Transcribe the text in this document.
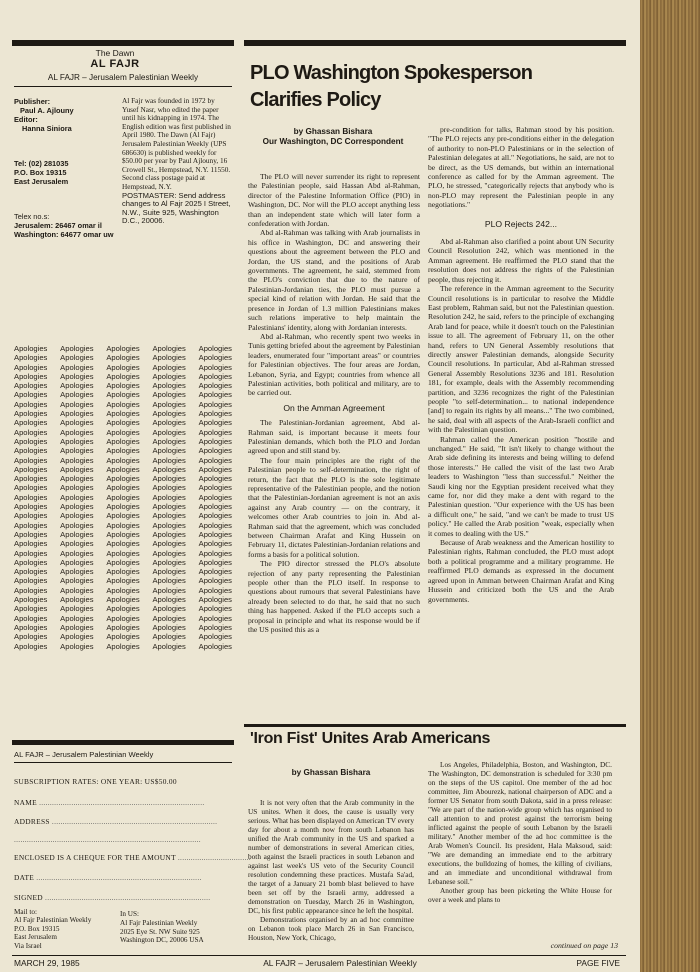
The Dawn
AL FAJR
AL FAJR – Jerusalem Palestinian Weekly
Publisher:
Paul A. Ajlouny
Editor:
Hanna Siniora
Tel: (02) 281035
P.O. Box 19315
East Jerusalem
Telex no.s:
Jerusalem: 26467 omar il
Washington: 64677 omar uw
Al Fajr was founded in 1972 by Yusef Nasr, who edited the paper until his kidnapping in 1974. The English edition was first published in April 1980. The Dawn (Al Fajr) Jerusalem Palestinian Weekly (UPS 686630) is published weekly for $50.00 per year by Paul Ajlouny, 16 Crowell St., Hempstead, N.Y. 11550. Second class postage paid at Hempstead, N.Y.
POSTMASTER: Send address changes to Al Fajr 2025 I Street, N.W., Suite 925, Washington D.C., 20006.
Apologies Apologies Apologies Apologies Apologies
Apologies Apologies Apologies Apologies Apologies
Apologies Apologies Apologies Apologies Apologies
Apologies Apologies Apologies Apologies Apologies
Apologies Apologies Apologies Apologies Apologies
Apologies Apologies Apologies Apologies Apologies
Apologies Apologies Apologies Apologies Apologies
Apologies Apologies Apologies Apologies Apologies
Apologies Apologies Apologies Apologies Apologies
Apologies Apologies Apologies Apologies Apologies
Apologies Apologies Apologies Apologies Apologies
Apologies Apologies Apologies Apologies Apologies
Apologies Apologies Apologies Apologies Apologies
Apologies Apologies Apologies Apologies Apologies
Apologies Apologies Apologies Apologies Apologies
Apologies Apologies Apologies Apologies Apologies
Apologies Apologies Apologies Apologies Apologies
Apologies Apologies Apologies Apologies Apologies
Apologies Apologies Apologies Apologies Apologies
Apologies Apologies Apologies Apologies Apologies
Apologies Apologies Apologies Apologies Apologies
Apologies Apologies Apologies Apologies Apologies
Apologies Apologies Apologies Apologies Apologies
Apologies Apologies Apologies Apologies Apologies
Apologies Apologies Apologies Apologies Apologies
Apologies Apologies Apologies Apologies Apologies
Apologies Apologies Apologies Apologies Apologies
Apologies Apologies Apologies Apologies Apologies
Apologies Apologies Apologies Apologies Apologies
Apologies Apologies Apologies Apologies Apologies
Apologies Apologies Apologies Apologies Apologies
Apologies Apologies Apologies Apologies Apologies
Apologies Apologies Apologies Apologies Apologies
PLO Washington Spokesperson Clarifies Policy
by Ghassan Bishara
Our Washington, DC Correspondent

The PLO will never surrender its right to represent the Palestinian people, said Hassan Abd al-Rahman, director of the Palestine Information Office (PIO) in Washington, DC. Nor will the PLO accept anything less than an independent state which will later form a confederation with Jordan.

Abd al-Rahman was talking with Arab journalists in his office in Washington, DC and answering their questions about the agreement between the PLO and Jordan, the US stand, and the positions of Arab governments. The agreement, he said, stemmed from the PLO's conviction that due to the nature of Palestinian-Jordanian ties, the PLO must pursue a special kind of relation with Jordan. He said that the presence in Jordan of 1.3 million Palestinians makes such relations imperative to help maintain the Palestinians' identity, along with Jordanian interests.

Abd al-Rahman, who recently spent two weeks in Tunis getting briefed about the agreement by Palestinian leaders, enumerated four "important areas" or countries for Palestinian objectives. The four areas are Jordan, Lebanon, Syria, and Egypt; countries from whence all Palestinian activities, both political and military, are to be carried out.

On the Amman Agreement

The Palestinian-Jordanian agreement, Abd al-Rahman said, is important because it meets four Palestinian demands, which both the PLO and Jordan agreed upon and still stand by.

The four main principles are the right of the Palestinian people to self-determination, the right of return, the fact that the PLO is the sole legitimate representative of the Palestinian people, and the notion that the Palestinian-Jordanian agreement is not an axis against any Arab country — on the contrary, it welcomes other Arab countries to join in. Abd al-Rahman said that the agreement, which was concluded between Chairman Arafat and King Hussein on February 11, dictates Palestinian-Jordanian relations and forms a basis for a political solution.

The PIO director stressed the PLO's absolute rejection of any party representing the Palestinian people other than the PLO itself. In response to questions about rumours that several Palestinians have already been selected to do that, he said that no such thing has happened. Asked if the PLO accepts such a proposal in principle and what its response would be if the US posited this as a

pre-condition for talks, Rahman stood by his position. "The PLO rejects any pre-conditions either in the delegation of authority to non-PLO Palestinians or in the selection of Palestinian delegates at all." Negotiations, he said, are not to be direct, as the US demands, but within an international conference as called for by the Amman agreement. The PLO, he stressed, "categorically rejects that anybody who is non-PLO may represent the Palestinian people in any negotiations."

PLO Rejects 242...

Abd al-Rahman also clarified a point about UN Security Council Resolution 242, which was mentioned in the Amman agreement. He reaffirmed the PLO stand that the resolution does not address the rights of the Palestinian people, thus rejecting it.

The reference in the Amman agreement to the Security Council resolutions is in particular to resolve the Middle East problem, Rahman said, but not the Palestinian question. Resolution 242, he said, refers to the principle of exchanging Arab land for peace, while it doesn't touch on the Palestinian issue to all. The agreement of February 11, on the other hand, refers to UN General Assembly resolutions that directly answer Palestinian demands, alongside Security Council resolutions. In particular, Abd al-Rahman stressed General Assembly Resolutions 3236 and 181. Resolution 181, for example, deals with the Assembly recommending partition, and 3236 recognizes the right of the Palestinian people "to self-determination... to national independence [and] to regain its rights by all means..." The two combined, he said, deal with all aspects of the Arab-Israeli conflict and with the Palestinian question.

Rahman called the American position "hostile and unchanged." He said, "It isn't likely to change without the Arab side defining its interests and being willing to defend those interests." He called the visit of the last two Arab leaders to Washington "less than successful." Neither the Saudi king nor the Egyptian president received what they came for, nor did they make a dent with regard to the Palestinian question. "Our experience with the US has been a difficult one," he said, "and we can't be made to trust US policy." He called the Arab position "weak, especially when it comes to dealing with the US."

Because of Arab weakness and the American hostility to Palestinian rights, Rahman concluded, the PLO must adopt both a political programme and a military programme. He reaffirmed PLO demands as expressed in the document agreed upon in Amman between Chairman Arafat and King Hussein and criticized both the US and the Arab governments.

'Iron Fist' Unites Arab Americans
by Ghassan Bishara

It is not very often that the Arab community in the US unites. When it does, the cause is usually very serious. What has been displayed on American TV every day for about a month now from south Lebanon has unified the Arab community in the US and sparked a number of demonstrations in several American cities, both against the Israeli practices in south Lebanon and against last week's US veto of the Security Council resolution condemning these practices. Mustafa Sa'ad, the target of a January 21 bomb blast believed to have been set off by the Israeli army, addressed a demonstration on Tuesday, March 26 in Washington, DC, his first public appearance since he left the hospital.

Demonstrations organised by an ad hoc committee on Lebanon took place March 26 in San Francisco, Houston, New York, Chicago,

Los Angeles, Philadelphia, Boston, and Washington, DC. The Washington, DC demonstration is scheduled for 3:30 pm on the steps of the US capitol. One member of the ad hoc committee, Jim Abourezk, national chairperson of ADC and a former US Senator from south Dakota, said in a press release: "We are part of the nation-wide group which has organised to call attention to and protest against the terrorism being inflicted against the people of south Lebanon by the Israeli military." Another member of the ad hoc committee is the Arab Women's Council. Its president, Hala Maksoud, said: "We are demanding an immediate end to the arbitrary executions, the bulldozing of homes, the killing of civilians, and an immediate and unconditional withdrawal from Lebanese soil."

Another group has been picketing the White House for over a week and plans to

continued on page 13
AL FAJR – Jerusalem Palestinian Weekly
SUBSCRIPTION RATES: ONE YEAR: US$50.00
NAME .............................................................................
ADDRESS .............................................................................
.......................................................................................
ENCLOSED IS A CHEQUE FOR THE AMOUNT ..................................
DATE .............................................................................
SIGNED .............................................................................
Mail to:
Al Fajr Palestinian Weekly
P.O. Box 19315
East Jerusalem
Via Israel
In US:
Al Fajr Palestinian Weekly
2025 Eye St. NW Suite 925
Washington DC, 20006 USA
MARCH 29, 1985	AL FAJR – Jerusalem Palestinian Weekly	PAGE FIVE
